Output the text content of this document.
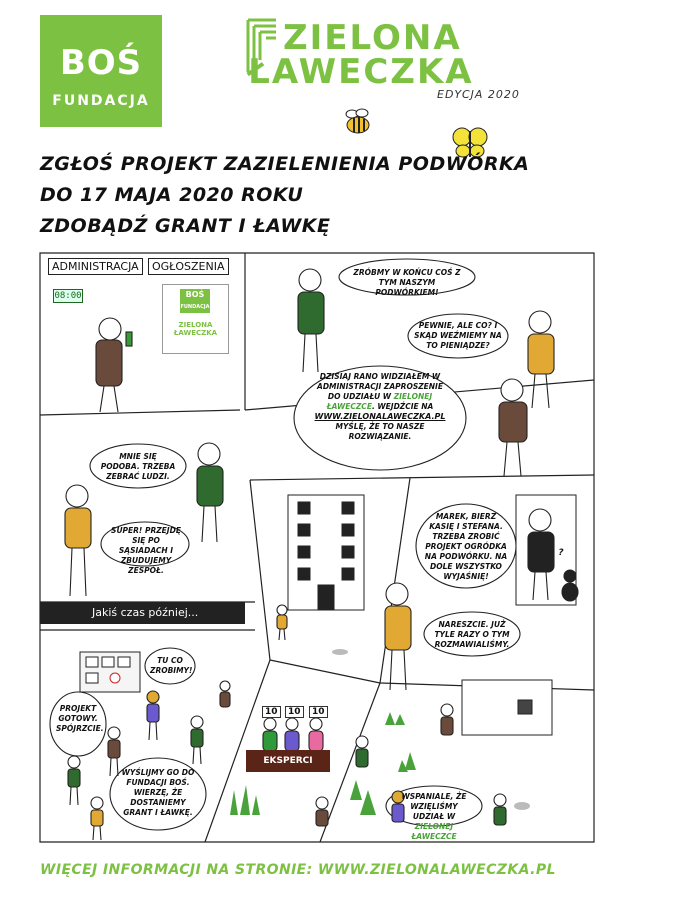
BOŚ
FUNDACJA
ZIELONA
ŁAWECZKA
EDYCJA 2020
ZGŁOŚ PROJEKT ZAZIELENIENIA PODWÓRKA
DO 17 MAJA 2020 ROKU
ZDOBĄDŹ GRANT I ŁAWKĘ
ADMINISTRACJA	OGŁOSZENIA
08:00	BOŚ
FUNDACJA
ZIELONA
ŁAWECZKA
ZRÓBMY W KOŃCU COŚ Z TYM NASZYM PODWÓRKIEM!
PEWNIE, ALE CO? I SKĄD WEŹMIEMY NA TO PIENIĄDZE?
DZISIAJ RANO WIDZIAŁEM W ADMINISTRACJI ZAPROSZENIE DO UDZIAŁU W ZIELONEJ ŁAWECZCE. WEJDŹCIE NA
WWW.ZIELONALAWECZKA.PL
MYŚLĘ, ŻE TO NASZE ROZWIĄZANIE.
MNIE SIĘ PODOBA. TRZEBA ZEBRAĆ LUDZI.
SUPER! PRZEJDĘ SIĘ PO SĄSIADACH I ZBUDUJEMY ZESPÓŁ.
MAREK, BIERZ KASIĘ I STEFANA. TRZEBA ZROBIĆ PROJEKT OGRÓDKA NA PODWÓRKU. NA DOLE WSZYSTKO WYJAŚNIĘ!
NARESZCIE. JUŻ TYLE RAZY O TYM ROZMAWIALIŚMY.
?
Jakiś czas później...
TU CO ZROBIMY!
PROJEKT GOTOWY. SPÓJRZCIE.
WYŚLIJMY GO DO FUNDACJI BOŚ. WIERZĘ, ŻE DOSTANIEMY GRANT I ŁAWKĘ.
10	10	10
EKSPERCI
WSPANIALE, ŻE WZIĘLIŚMY UDZIAŁ W
ZIELONEJ ŁAWECZCE
WIĘCEJ INFORMACJI NA STRONIE: WWW.ZIELONALAWECZKA.PL
